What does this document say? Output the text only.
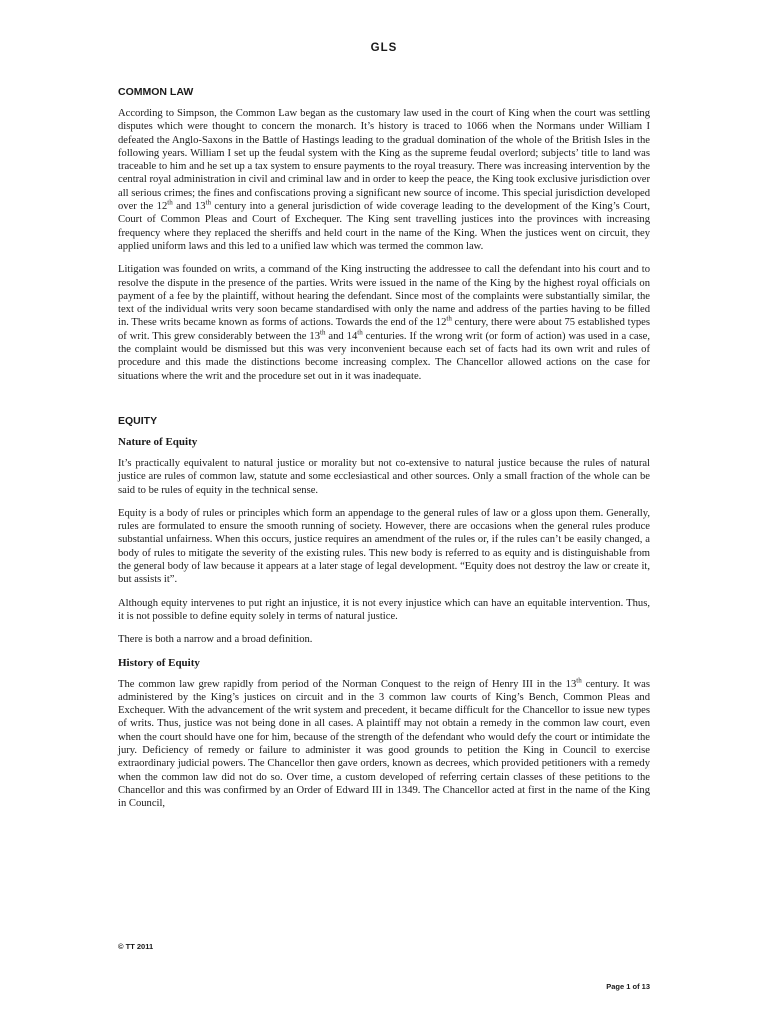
GLS
COMMON LAW

According to Simpson, the Common Law began as the customary law used in the court of King when the court was settling disputes which were thought to concern the monarch. It’s history is traced to 1066 when the Normans under William I defeated the Anglo-Saxons in the Battle of Hastings leading to the gradual domination of the whole of the British Isles in the following years. William I set up the feudal system with the King as the supreme feudal overlord; subjects’ title to land was traceable to him and he set up a tax system to ensure payments to the royal treasury. There was increasing intervention by the central royal administration in civil and criminal law and in order to keep the peace, the King took exclusive jurisdiction over all serious crimes; the fines and confiscations proving a significant new source of income. This special jurisdiction developed over the 12th and 13th century into a general jurisdiction of wide coverage leading to the development of the King’s Court, Court of Common Pleas and Court of Exchequer. The King sent travelling justices into the provinces with increasing frequency where they replaced the sheriffs and held court in the name of the King. When the justices went on circuit, they applied uniform laws and this led to a unified law which was termed the common law.

Litigation was founded on writs, a command of the King instructing the addressee to call the defendant into his court and to resolve the dispute in the presence of the parties. Writs were issued in the name of the King by the highest royal officials on payment of a fee by the plaintiff, without hearing the defendant. Since most of the complaints were substantially similar, the text of the individual writs very soon became standardised with only the name and address of the parties having to be filled in. These writs became known as forms of actions. Towards the end of the 12th century, there were about 75 established types of writ. This grew considerably between the 13th and 14th centuries. If the wrong writ (or form of action) was used in a case, the complaint would be dismissed but this was very inconvenient because each set of facts had its own writ and rules of procedure and this made the distinctions become increasing complex. The Chancellor allowed actions on the case for situations where the writ and the procedure set out in it was inadequate.

EQUITY
Nature of Equity

It’s practically equivalent to natural justice or morality but not co-extensive to natural justice because the rules of natural justice are rules of common law, statute and some ecclesiastical and other sources. Only a small fraction of the whole can be said to be rules of equity in the technical sense.

Equity is a body of rules or principles which form an appendage to the general rules of law or a gloss upon them. Generally, rules are formulated to ensure the smooth running of society. However, there are occasions when the general rules produce substantial unfairness. When this occurs, justice requires an amendment of the rules or, if the rules can’t be easily changed, a body of rules to mitigate the severity of the existing rules. This new body is referred to as equity and is distinguishable from the general body of law because it appears at a later stage of legal development. “Equity does not destroy the law or create it, but assists it”.

Although equity intervenes to put right an injustice, it is not every injustice which can have an equitable intervention. Thus, it is not possible to define equity solely in terms of natural justice.

There is both a narrow and a broad definition.

History of Equity

The common law grew rapidly from period of the Norman Conquest to the reign of Henry III in the 13th century. It was administered by the King’s justices on circuit and in the 3 common law courts of King’s Bench, Common Pleas and Exchequer. With the advancement of the writ system and precedent, it became difficult for the Chancellor to issue new types of writs. Thus, justice was not being done in all cases. A plaintiff may not obtain a remedy in the common law court, even when the court should have one for him, because of the strength of the defendant who would defy the court or intimidate the jury. Deficiency of remedy or failure to administer it was good grounds to petition the King in Council to exercise extraordinary judicial powers. The Chancellor then gave orders, known as decrees, which provided petitioners with a remedy when the common law did not do so. Over time, a custom developed of referring certain classes of these petitions to the Chancellor and this was confirmed by an Order of Edward III in 1349. The Chancellor acted at first in the name of the King in Council,

© TT 2011
Page 1 of 13
